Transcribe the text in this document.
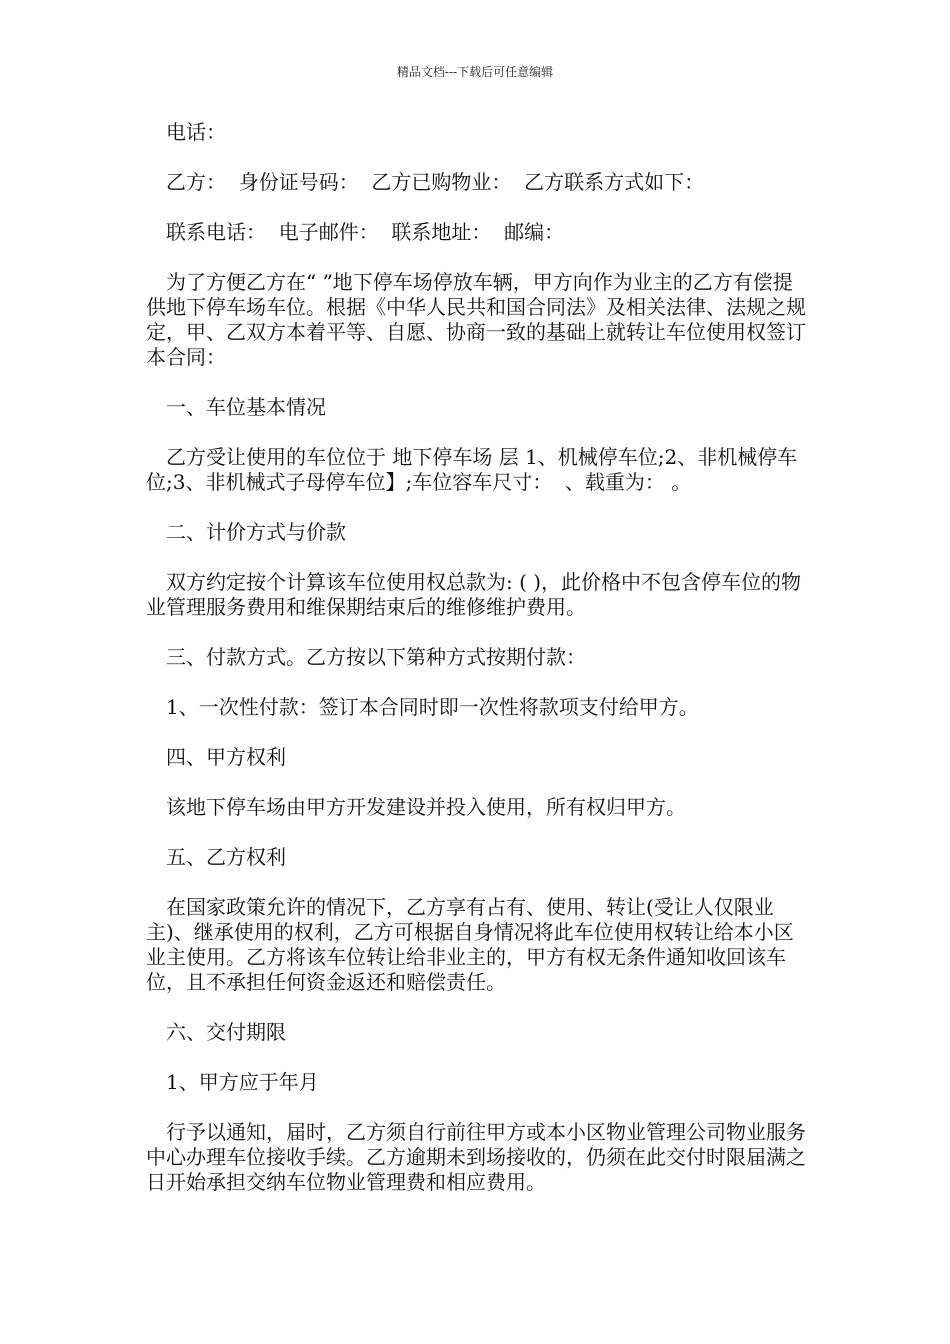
精品文档---下载后可任意编辑

电话：

乙方：  身份证号码：  乙方已购物业：  乙方联系方式如下：

联系电话：  电子邮件：  联系地址：  邮编：

为了方便乙方在“ ”地下停车场停放车辆，甲方向作为业主的乙方有偿提供地下停车场车位。根据《中华人民共和国合同法》及相关法律、法规之规定，甲、乙双方本着平等、自愿、协商一致的基础上就转让车位使用权签订本合同：

一、车位基本情况

乙方受让使用的车位位于 地下停车场 层 1、机械停车位;2、非机械停车位;3、非机械式子母停车位】;车位容车尺寸：  、载重为： 。

二、计价方式与价款

双方约定按个计算该车位使用权总款为: ( )，此价格中不包含停车位的物业管理服务费用和维保期结束后的维修维护费用。

三、付款方式。乙方按以下第种方式按期付款：

1、一次性付款：签订本合同时即一次性将款项支付给甲方。

四、甲方权利

该地下停车场由甲方开发建设并投入使用，所有权归甲方。

五、乙方权利

在国家政策允许的情况下，乙方享有占有、使用、转让(受让人仅限业主)、继承使用的权利，乙方可根据自身情况将此车位使用权转让给本小区业主使用。乙方将该车位转让给非业主的，甲方有权无条件通知收回该车位，且不承担任何资金返还和赔偿责任。

六、交付期限

1、甲方应于年月

行予以通知，届时，乙方须自行前往甲方或本小区物业管理公司物业服务中心办理车位接收手续。乙方逾期未到场接收的，仍须在此交付时限届满之日开始承担交纳车位物业管理费和相应费用。
